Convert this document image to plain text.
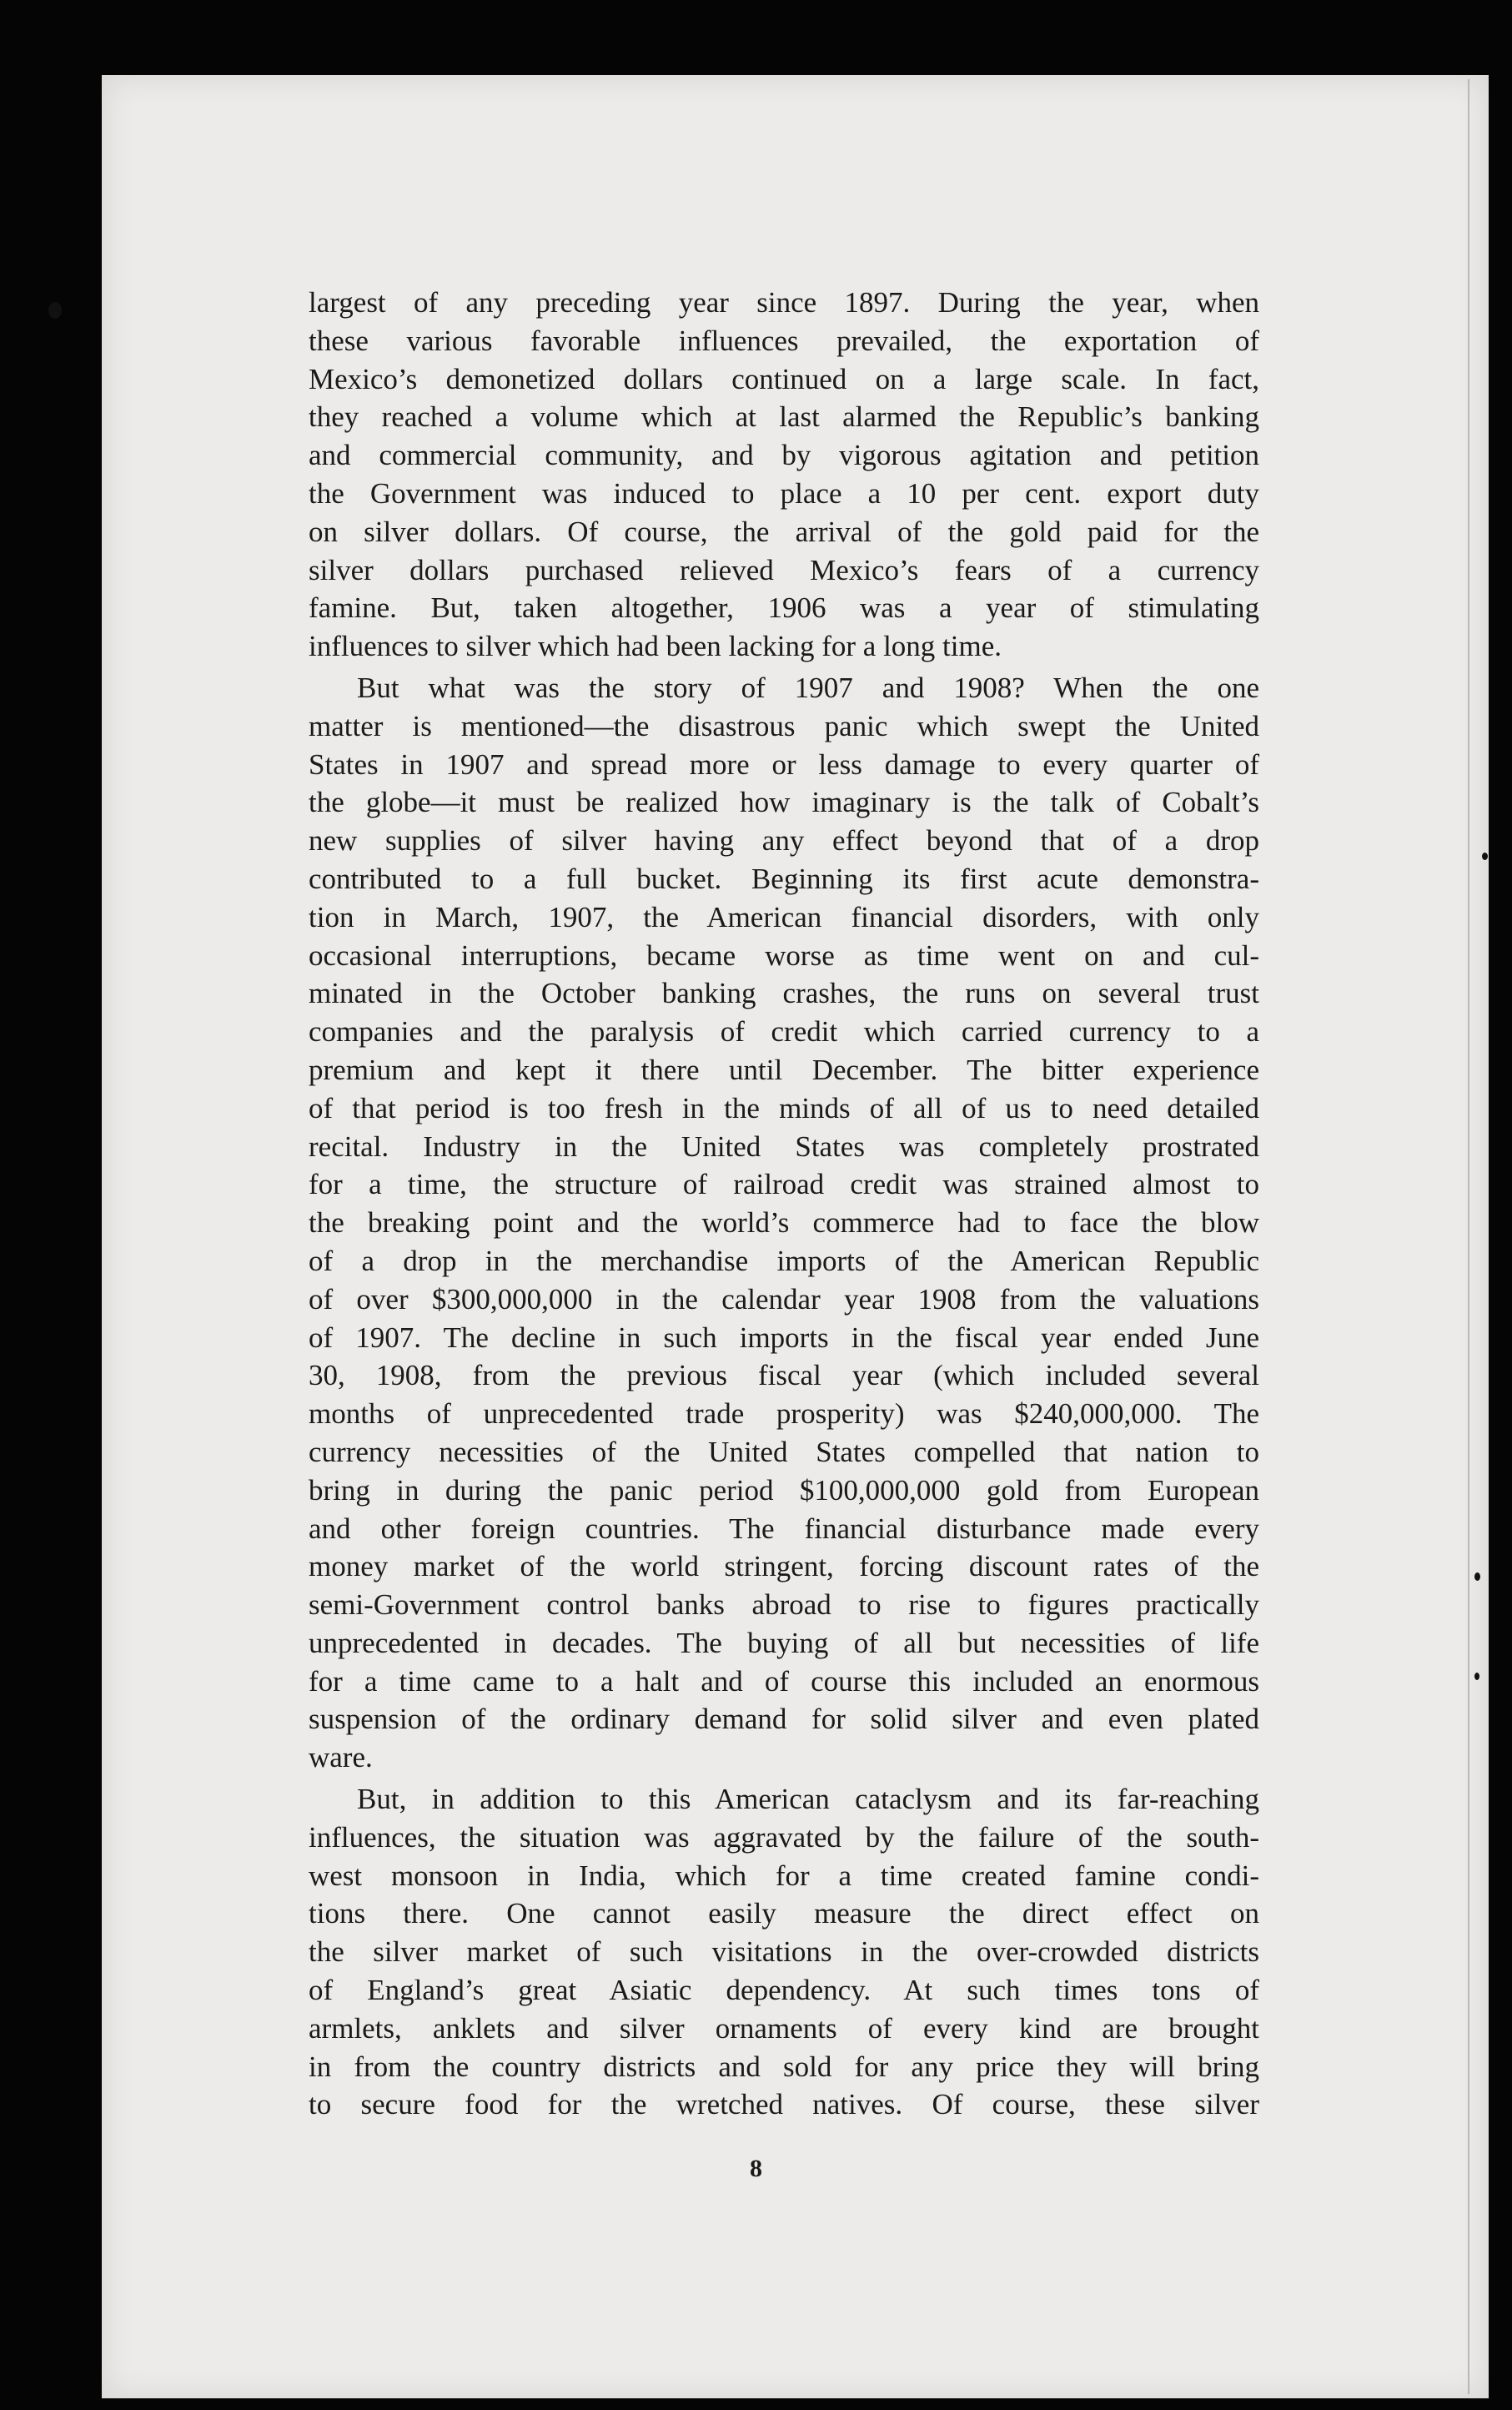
largest of any preceding year since 1897. During the year, when
these various favorable influences prevailed, the exportation of
Mexico’s demonetized dollars continued on a large scale. In fact,
they reached a volume which at last alarmed the Republic’s banking
and commercial community, and by vigorous agitation and petition
the Government was induced to place a 10 per cent. export duty
on silver dollars. Of course, the arrival of the gold paid for the
silver dollars purchased relieved Mexico’s fears of a currency
famine. But, taken altogether, 1906 was a year of stimulating
influences to silver which had been lacking for a long time.

But what was the story of 1907 and 1908? When the one
matter is mentioned—the disastrous panic which swept the United
States in 1907 and spread more or less damage to every quarter of
the globe—it must be realized how imaginary is the talk of Cobalt’s
new supplies of silver having any effect beyond that of a drop
contributed to a full bucket. Beginning its first acute demonstra-
tion in March, 1907, the American financial disorders, with only
occasional interruptions, became worse as time went on and cul-
minated in the October banking crashes, the runs on several trust
companies and the paralysis of credit which carried currency to a
premium and kept it there until December. The bitter experience
of that period is too fresh in the minds of all of us to need detailed
recital. Industry in the United States was completely prostrated
for a time, the structure of railroad credit was strained almost to
the breaking point and the world’s commerce had to face the blow
of a drop in the merchandise imports of the American Republic
of over $300,000,000 in the calendar year 1908 from the valuations
of 1907. The decline in such imports in the fiscal year ended June
30, 1908, from the previous fiscal year (which included several
months of unprecedented trade prosperity) was $240,000,000. The
currency necessities of the United States compelled that nation to
bring in during the panic period $100,000,000 gold from European
and other foreign countries. The financial disturbance made every
money market of the world stringent, forcing discount rates of the
semi-Government control banks abroad to rise to figures practically
unprecedented in decades. The buying of all but necessities of life
for a time came to a halt and of course this included an enormous
suspension of the ordinary demand for solid silver and even plated
ware.

But, in addition to this American cataclysm and its far-reaching
influences, the situation was aggravated by the failure of the south-
west monsoon in India, which for a time created famine condi-
tions there. One cannot easily measure the direct effect on
the silver market of such visitations in the over-crowded districts
of England’s great Asiatic dependency. At such times tons of
armlets, anklets and silver ornaments of every kind are brought
in from the country districts and sold for any price they will bring
to secure food for the wretched natives. Of course, these silver

8
